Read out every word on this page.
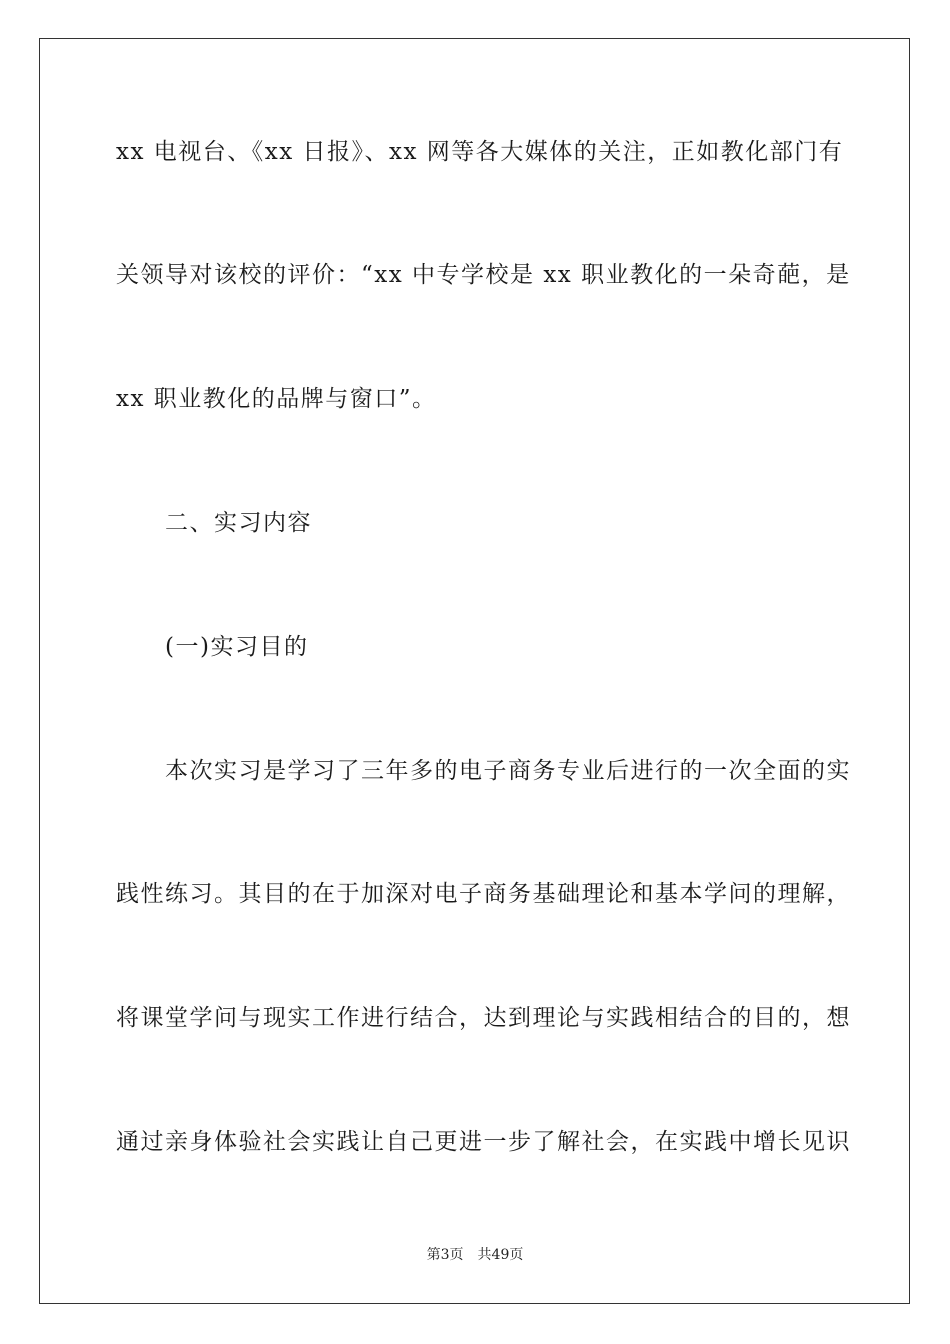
xx 电视台、《xx 日报》、xx 网等各大媒体的关注，正如教化部门有
关领导对该校的评价：“xx 中专学校是 xx 职业教化的一朵奇葩，是
xx 职业教化的品牌与窗口”。
二、实习内容
(一)实习目的
本次实习是学习了三年多的电子商务专业后进行的一次全面的实
践性练习。其目的在于加深对电子商务基础理论和基本学问的理解，
将课堂学问与现实工作进行结合，达到理论与实践相结合的目的，想
通过亲身体验社会实践让自己更进一步了解社会，在实践中增长见识
第3页 共49页
